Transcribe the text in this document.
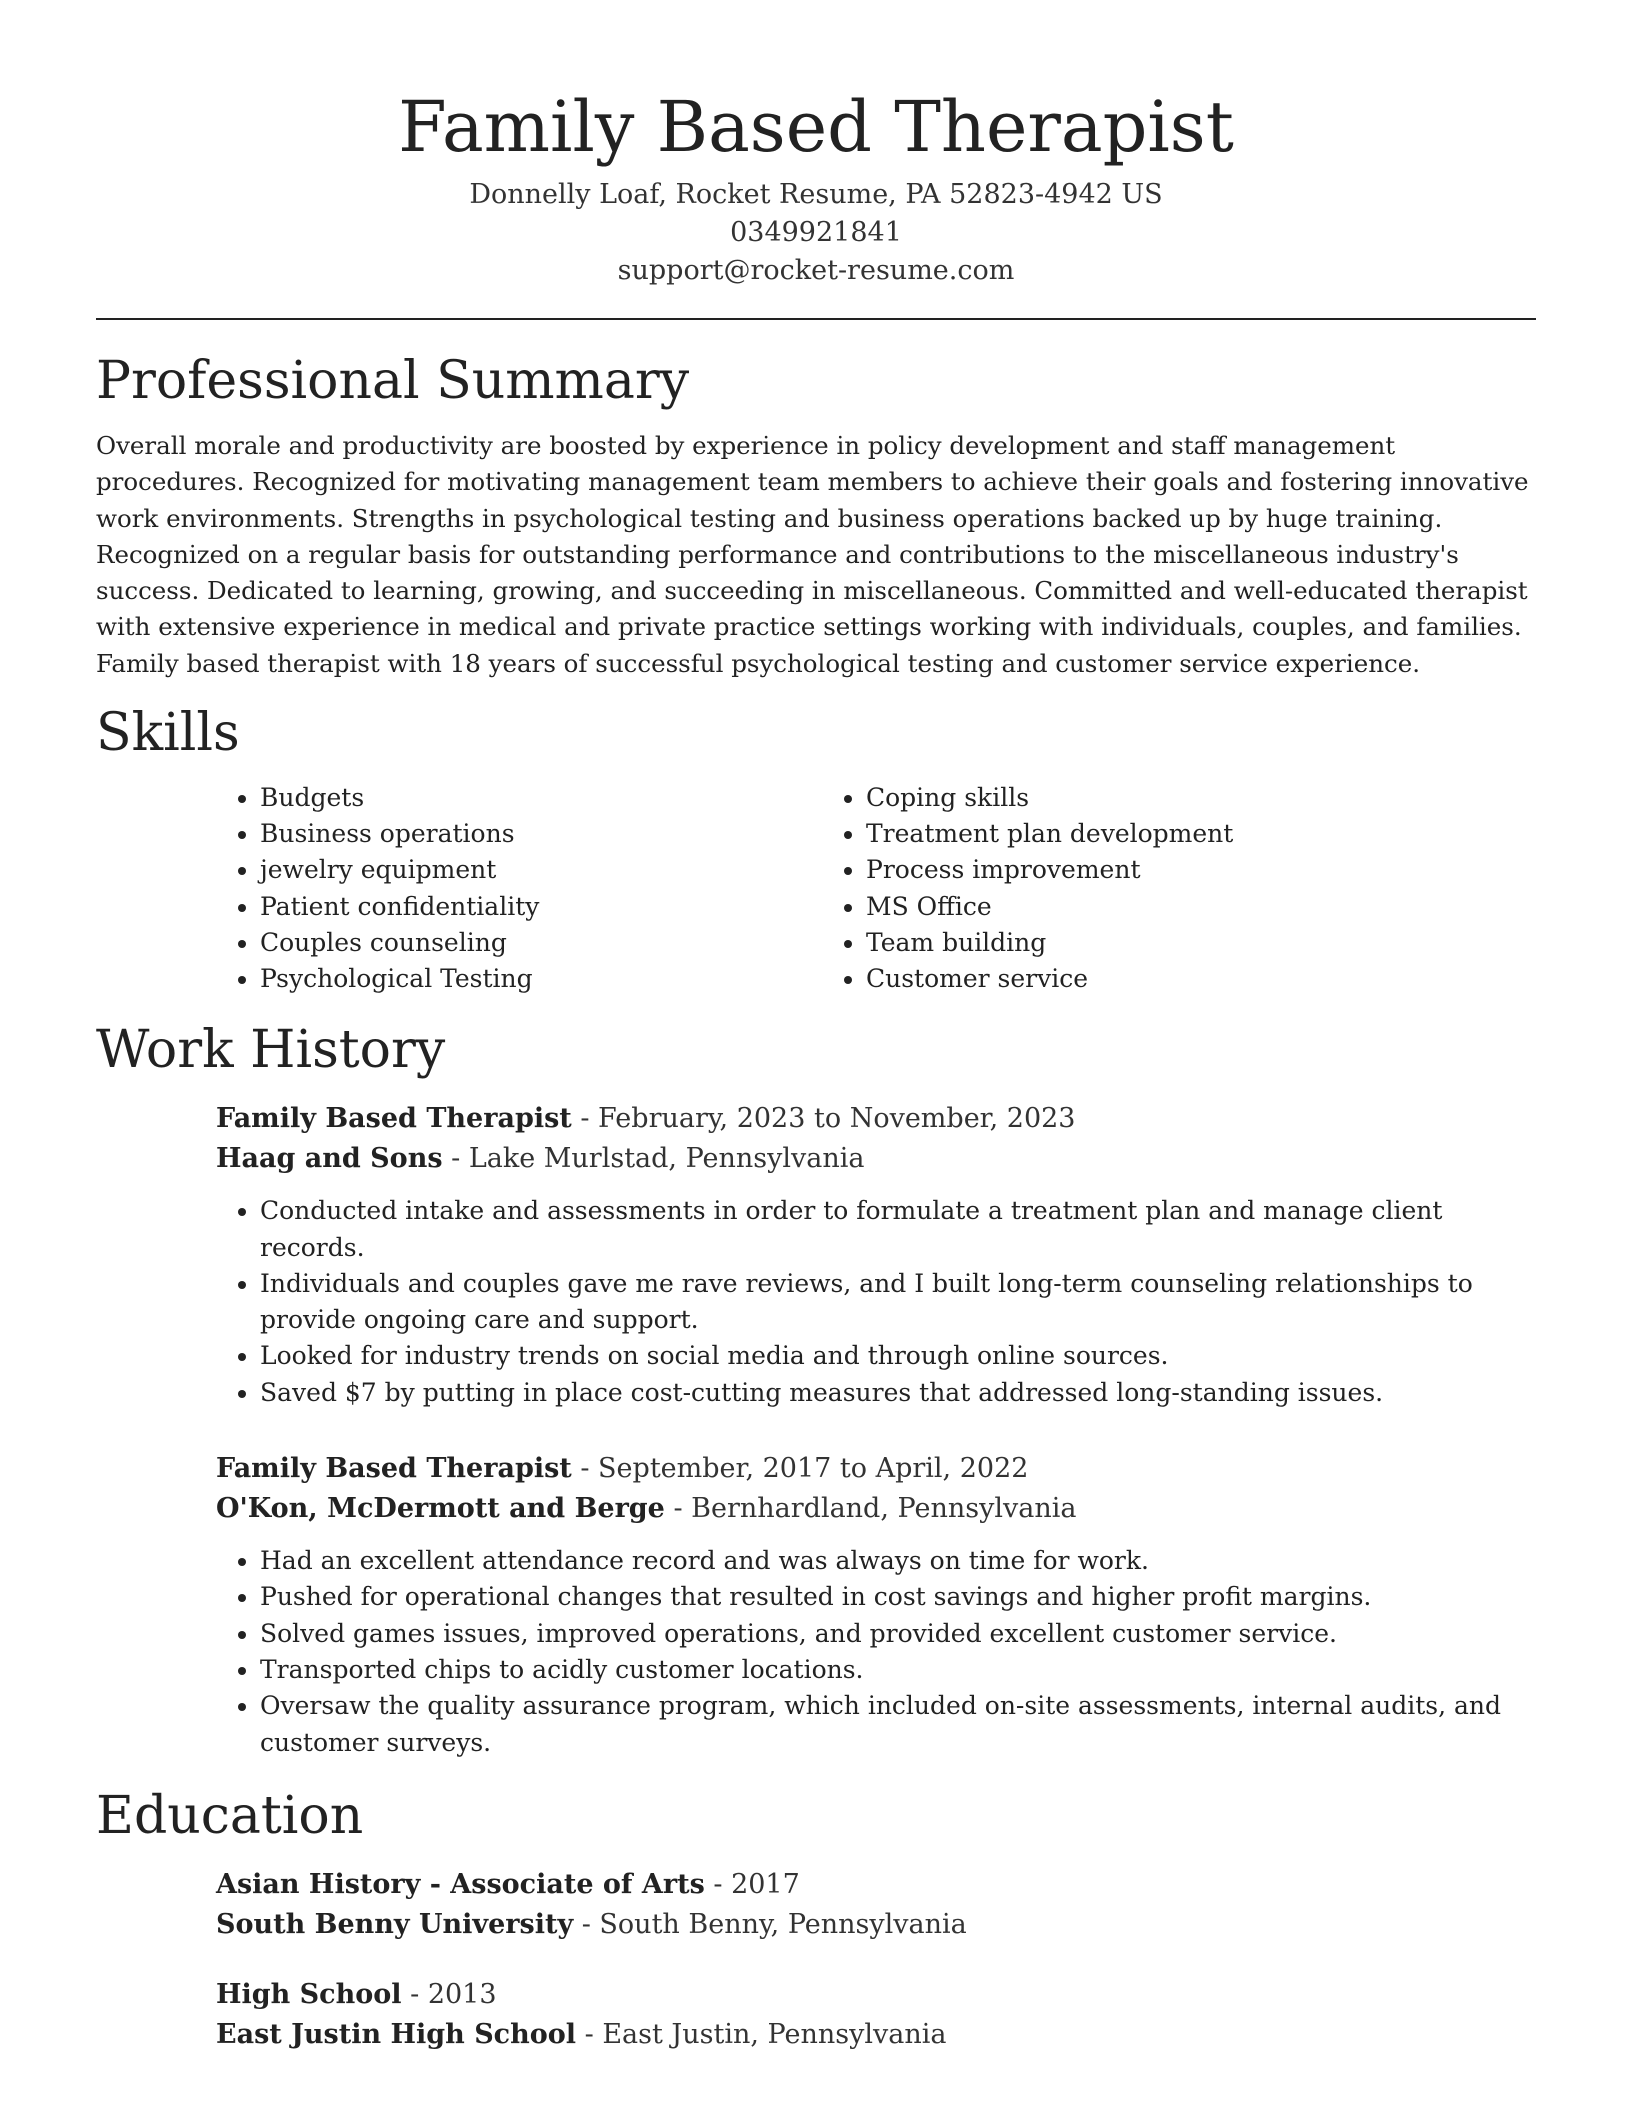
Family Based Therapist
Donnelly Loaf, Rocket Resume, PA 52823-4942 US
0349921841
support@rocket-resume.com
Professional Summary

Overall morale and productivity are boosted by experience in policy development and staff management procedures. Recognized for motivating management team members to achieve their goals and fostering innovative work environments. Strengths in psychological testing and business operations backed up by huge training. Recognized on a regular basis for outstanding performance and contributions to the miscellaneous industry's success. Dedicated to learning, growing, and succeeding in miscellaneous. Committed and well-educated therapist with extensive experience in medical and private practice settings working with individuals, couples, and families. Family based therapist with 18 years of successful psychological testing and customer service experience.

Skills
• Budgets
• Business operations
• jewelry equipment
• Patient confidentiality
• Couples counseling
• Psychological Testing
• Coping skills
• Treatment plan development
• Process improvement
• MS Office
• Team building
• Customer service
Work History
Family Based Therapist - February, 2023 to November, 2023
Haag and Sons - Lake Murlstad, Pennsylvania
• Conducted intake and assessments in order to formulate a treatment plan and manage client records.
• Individuals and couples gave me rave reviews, and I built long-term counseling relationships to provide ongoing care and support.
• Looked for industry trends on social media and through online sources.
• Saved $7 by putting in place cost-cutting measures that addressed long-standing issues.
Family Based Therapist - September, 2017 to April, 2022
O'Kon, McDermott and Berge - Bernhardland, Pennsylvania
• Had an excellent attendance record and was always on time for work.
• Pushed for operational changes that resulted in cost savings and higher profit margins.
• Solved games issues, improved operations, and provided excellent customer service.
• Transported chips to acidly customer locations.
• Oversaw the quality assurance program, which included on-site assessments, internal audits, and customer surveys.
Education
Asian History - Associate of Arts - 2017
South Benny University - South Benny, Pennsylvania
High School - 2013
East Justin High School - East Justin, Pennsylvania
